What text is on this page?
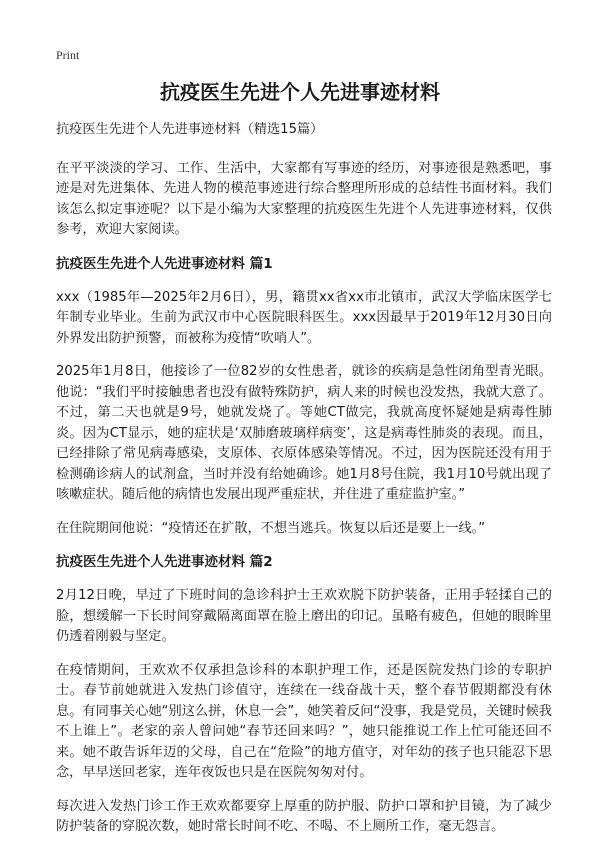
Print
抗疫医生先进个人先进事迹材料

抗疫医生先进个人先进事迹材料（精选15篇）

在平平淡淡的学习、工作、生活中，大家都有写事迹的经历，对事迹很是熟悉吧，事迹是对先进集体、先进人物的模范事迹进行综合整理所形成的总结性书面材料。我们该怎么拟定事迹呢？以下是小编为大家整理的抗疫医生先进个人先进事迹材料，仅供参考，欢迎大家阅读。

抗疫医生先进个人先进事迹材料 篇1

xxx（1985年—2025年2月6日），男，籍贯xx省xx市北镇市，武汉大学临床医学七年制专业毕业。生前为武汉市中心医院眼科医生。xxx因最早于2019年12月30日向外界发出防护预警，而被称为疫情“吹哨人”。

2025年1月8日，他接诊了一位82岁的女性患者，就诊的疾病是急性闭角型青光眼。他说：“我们平时接触患者也没有做特殊防护，病人来的时候也没发热，我就大意了。不过，第二天也就是9号，她就发烧了。等她CT做完，我就高度怀疑她是病毒性肺炎。因为CT显示，她的症状是‘双肺磨玻璃样病变’，这是病毒性肺炎的表现。而且，已经排除了常见病毒感染，支原体、衣原体感染等情况。不过，因为医院还没有用于检测确诊病人的试剂盒，当时并没有给她确诊。她1月8号住院，我1月10号就出现了咳嗽症状。随后他的病情也发展出现严重症状，并住进了重症监护室。”

在住院期间他说：“疫情还在扩散，不想当逃兵。恢复以后还是要上一线。”

抗疫医生先进个人先进事迹材料 篇2

2月12日晚，早过了下班时间的急诊科护士王欢欢脱下防护装备，正用手轻揉自己的脸，想缓解一下长时间穿戴隔离面罩在脸上磨出的印记。虽略有疲色，但她的眼眸里仍透着刚毅与坚定。

在疫情期间，王欢欢不仅承担急诊科的本职护理工作，还是医院发热门诊的专职护士。春节前她就进入发热门诊值守，连续在一线奋战十天，整个春节假期都没有休息。有同事关心她“别这么拼，休息一会”，她笑着反问“没事，我是党员，关键时候我不上谁上”。老家的亲人曾问她“春节还回来吗？”，她只能推说工作上忙可能还回不来。她不敢告诉年迈的父母，自己在“危险”的地方值守，对年幼的孩子也只能忍下思念，早早送回老家，连年夜饭也只是在医院匆匆对付。

每次进入发热门诊工作王欢欢都要穿上厚重的防护服、防护口罩和护目镜，为了减少防护装备的穿脱次数，她时常长时间不吃、不喝、不上厕所工作，毫无怨言。
